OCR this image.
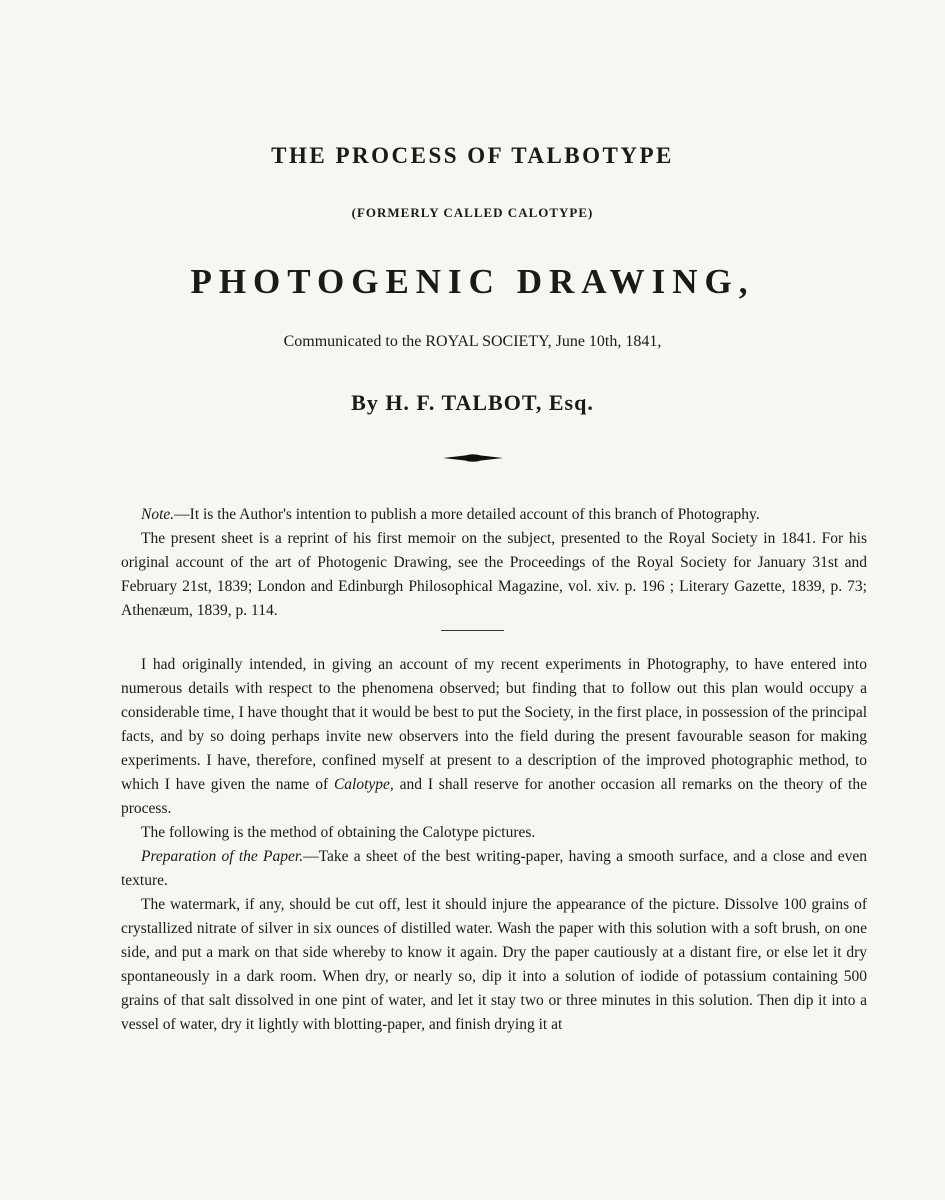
THE PROCESS OF TALBOTYPE
(FORMERLY CALLED CALOTYPE)
PHOTOGENIC DRAWING,
Communicated to the ROYAL SOCIETY, June 10th, 1841,
By H. F. TALBOT, Esq.

Note.—It is the Author's intention to publish a more detailed account of this branch of Photography.

The present sheet is a reprint of his first memoir on the subject, presented to the Royal Society in 1841. For his original account of the art of Photogenic Drawing, see the Proceedings of the Royal Society for January 31st and February 21st, 1839; London and Edinburgh Philosophical Magazine, vol. xiv. p. 196 ; Literary Gazette, 1839, p. 73; Athenæum, 1839, p. 114.

I had originally intended, in giving an account of my recent experiments in Photography, to have entered into numerous details with respect to the phenomena observed; but finding that to follow out this plan would occupy a considerable time, I have thought that it would be best to put the Society, in the first place, in possession of the principal facts, and by so doing perhaps invite new observers into the field during the present favourable season for making experiments. I have, therefore, confined myself at present to a description of the improved photographic method, to which I have given the name of Calotype, and I shall reserve for another occasion all remarks on the theory of the process.

The following is the method of obtaining the Calotype pictures.

Preparation of the Paper.—Take a sheet of the best writing-paper, having a smooth surface, and a close and even texture.

The watermark, if any, should be cut off, lest it should injure the appearance of the picture. Dissolve 100 grains of crystallized nitrate of silver in six ounces of distilled water. Wash the paper with this solution with a soft brush, on one side, and put a mark on that side whereby to know it again. Dry the paper cautiously at a distant fire, or else let it dry spontaneously in a dark room. When dry, or nearly so, dip it into a solution of iodide of potassium containing 500 grains of that salt dissolved in one pint of water, and let it stay two or three minutes in this solution. Then dip it into a vessel of water, dry it lightly with blotting-paper, and finish drying it at
